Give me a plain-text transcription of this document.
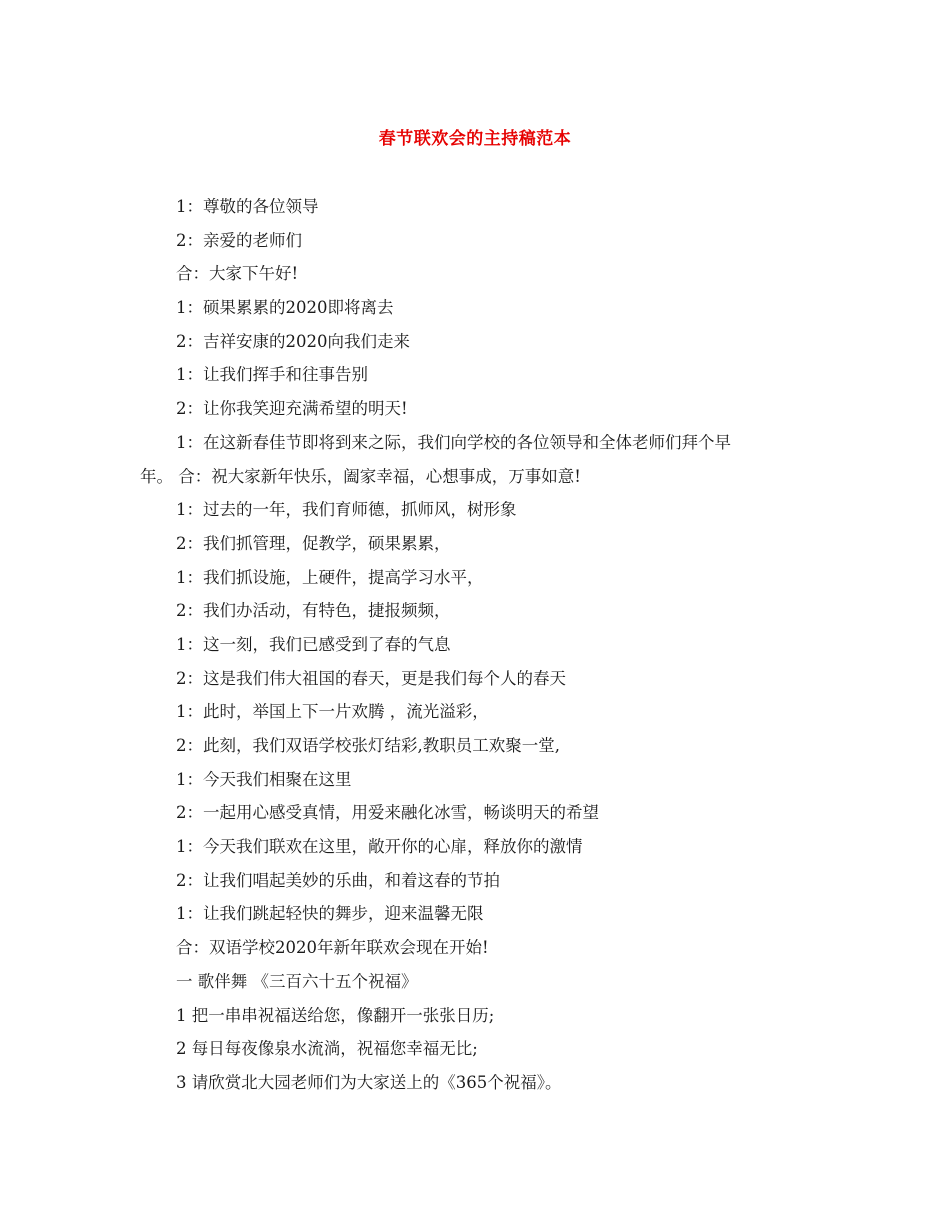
春节联欢会的主持稿范本
1：尊敬的各位领导
2：亲爱的老师们
合：大家下午好!
1：硕果累累的2020即将离去
2：吉祥安康的2020向我们走来
1：让我们挥手和往事告别
2：让你我笑迎充满希望的明天!
1：在这新春佳节即将到来之际，我们向学校的各位领导和全体老师们拜个早
年。 合：祝大家新年快乐，阖家幸福，心想事成，万事如意!
1：过去的一年，我们育师德，抓师风，树形象
2：我们抓管理，促教学，硕果累累，
1：我们抓设施，上硬件，提高学习水平，
2：我们办活动，有特色，捷报频频，
1：这一刻，我们已感受到了春的气息
2：这是我们伟大祖国的春天，更是我们每个人的春天
1：此时，举国上下一片欢腾 ，流光溢彩，
2：此刻，我们双语学校张灯结彩,教职员工欢聚一堂,
1：今天我们相聚在这里
2：一起用心感受真情，用爱来融化冰雪，畅谈明天的希望
1：今天我们联欢在这里，敞开你的心扉，释放你的激情
2：让我们唱起美妙的乐曲，和着这春的节拍
1：让我们跳起轻快的舞步，迎来温馨无限
合：双语学校2020年新年联欢会现在开始!
一 歌伴舞 《三百六十五个祝福》
1 把一串串祝福送给您，像翻开一张张日历;
2 每日每夜像泉水流淌，祝福您幸福无比;
3 请欣赏北大园老师们为大家送上的《365个祝福》。
